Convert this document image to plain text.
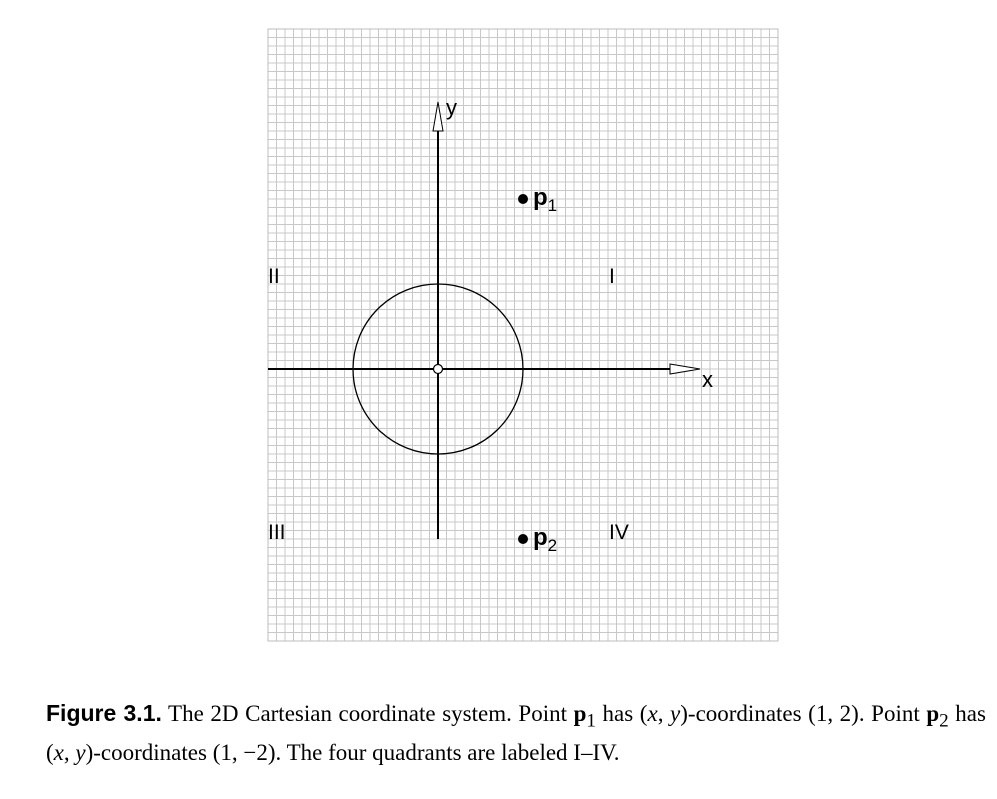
x
y
$p_1$
$p_2$
II	I
III	IV
Figure 3.1. The 2D Cartesian coordinate system. Point $p_1$ has (x, y)-coordinates (1, 2). Point $p_2$ has (x, y)-coordinates (1, −2). The four quadrants are labeled I–IV.
